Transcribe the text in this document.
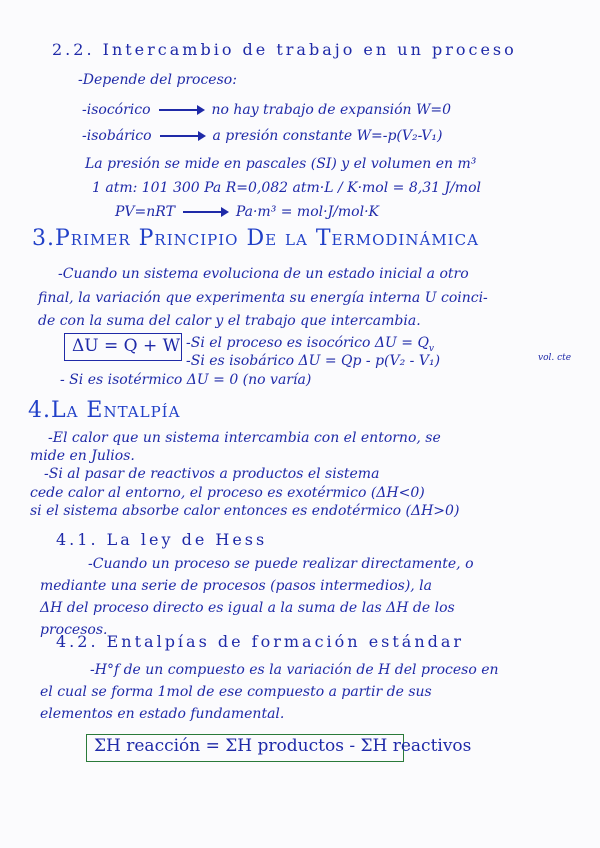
2.2. Intercambio de trabajo en un proceso
-Depende del proceso:
-isocórico	no hay trabajo de expansión W=0
-isobárico	a presión constante W=-p(V₂-V₁)
La presión se mide en pascales (SI) y el volumen en m³
1 atm: 101 300 Pa R=0,082 atm·L / K·mol = 8,31 J/mol
PV=nRT	Pa·m³ = mol·J/mol·K
3.Primer Principio De la Termodinámica
-Cuando un sistema evoluciona de un estado inicial a otro
final, la variación que experimenta su energía interna U coinci-
de con la suma del calor y el trabajo que intercambia.
ΔU = Q + W -Si el proceso es isocórico $\Delta U = Q_v$
vol. cte
-Si es isobárico ΔU = Qp - p(V₂ - V₁)
- Si es isotérmico ΔU = 0 (no varía)
4.La Entalpía
-El calor que un sistema intercambia con el entorno, se
mide en Julios.
-Si al pasar de reactivos a productos el sistema
cede calor al entorno, el proceso es exotérmico (ΔH<0)
si el sistema absorbe calor entonces es endotérmico (ΔH>0)
4.1. La ley de Hess
-Cuando un proceso se puede realizar directamente, o
mediante una serie de procesos (pasos intermedios), la
ΔH del proceso directo es igual a la suma de las ΔH de los
procesos.
4.2. Entalpías de formación estándar
-H°f de un compuesto es la variación de H del proceso en
el cual se forma 1mol de ese compuesto a partir de sus
elementos en estado fundamental.
ΣH reacción = ΣH productos - ΣH reactivos
